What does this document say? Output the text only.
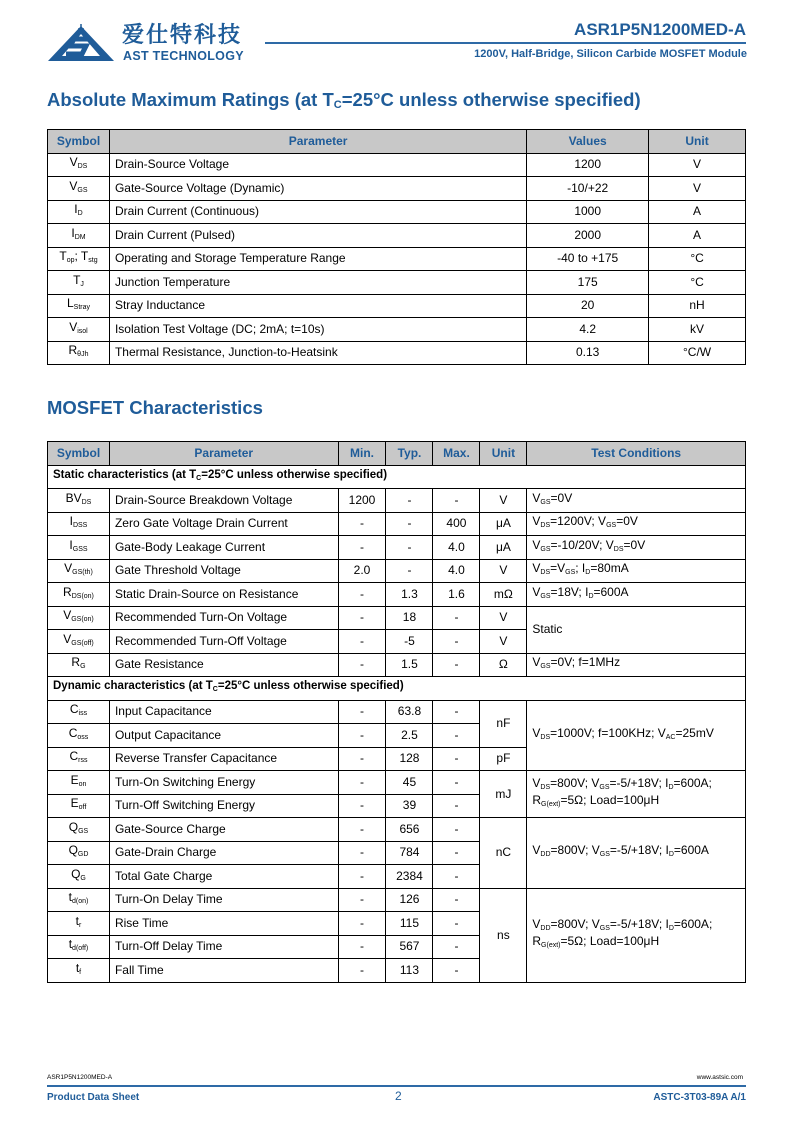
爱仕特科技
AST TECHNOLOGY
ASR1P5N1200MED-A
1200V, Half-Bridge, Silicon Carbide MOSFET Module
Absolute Maximum Ratings (at $T_C=25^\circ C$ unless otherwise specified)
Symbol	Parameter	Values	Unit
$V_{DS}$	Drain-Source Voltage	1200	V
$V_{GS}$	Gate-Source Voltage (Dynamic)	-10/+22	V
$I_D$	Drain Current (Continuous)	1000	A
$I_{DM}$	Drain Current (Pulsed)	2000	A
$T_{op}$; $T_{stg}$	Operating and Storage Temperature Range	-40 to +175	°C
$T_J$	Junction Temperature	175	°C
$L_{Stray}$	Stray Inductance	20	nH
$V_{isol}$	Isolation Test Voltage (DC; 2mA; t=10s)	4.2	kV
$R_{\theta Jh}$	Thermal Resistance, Junction-to-Heatsink	0.13	°C/W
MOSFET Characteristics
Symbol	Parameter	Min.	Typ.	Max.	Unit	Test Conditions
Static characteristics (at $T_C=25^\circ C$ unless otherwise specified)						
$BV_{DS}$	Drain-Source Breakdown Voltage	1200	-	-	V	$V_{GS}=0V$
$I_{DSS}$	Zero Gate Voltage Drain Current	-	-	400	μA	$V_{DS}=1200V$; $V_{GS}=0V$
$I_{GSS}$	Gate-Body Leakage Current	-	-	4.0	μA	$V_{GS}=-10/20V$; $V_{DS}=0V$
$V_{GS(th)}$	Gate Threshold Voltage	2.0	-	4.0	V	$V_{DS}=V_{GS}$; $I_D=80mA$
$R_{DS(on)}$	Static Drain-Source on Resistance	-	1.3	1.6	mΩ	$V_{GS}=18V$; $I_D=600A$
$V_{GS(on)}$	Recommended Turn-On Voltage	-	18	-	V	Static
$V_{GS(off)}$	Recommended Turn-Off Voltage	-	-5	-	V	
$R_G$	Gate Resistance	-	1.5	-	Ω	$V_{GS}=0V$; f=1MHz
Dynamic characteristics (at $T_C=25^\circ C$ unless otherwise specified)						
$C_{iss}$	Input Capacitance	-	63.8	-	nF	$V_{DS}=1000V$; f=100KHz; $V_{AC}=25mV$
$C_{oss}$	Output Capacitance	-	2.5	-		
$C_{rss}$	Reverse Transfer Capacitance	-	128	-	pF	
$E_{on}$	Turn-On Switching Energy	-	45	-	mJ	$V_{DS}=800V$; $V_{GS}=-5/+18V$; $I_D=600A$;
$R_{G(ext)}=5\Omega$; Load=100μH
$E_{off}$	Turn-Off Switching Energy	-	39	-		
$Q_{GS}$	Gate-Source Charge	-	656	-	nC	$V_{DD}=800V$; $V_{GS}=-5/+18V$; $I_D=600A$
$Q_{GD}$	Gate-Drain Charge	-	784	-		
$Q_G$	Total Gate Charge	-	2384	-		
$t_{d(on)}$	Turn-On Delay Time	-	126	-	ns	$V_{DD}=800V$; $V_{GS}=-5/+18V$; $I_D=600A$;
$R_{G(ext)}=5\Omega$; Load=100μH
$t_r$	Rise Time	-	115	-		
$t_{d(off)}$	Turn-Off Delay Time	-	567	-		
$t_f$	Fall Time	-	113	-		
ASR1P5N1200MED-A	www.astsic.com
Product Data Sheet	2	ASTC-3T03-89A A/1
